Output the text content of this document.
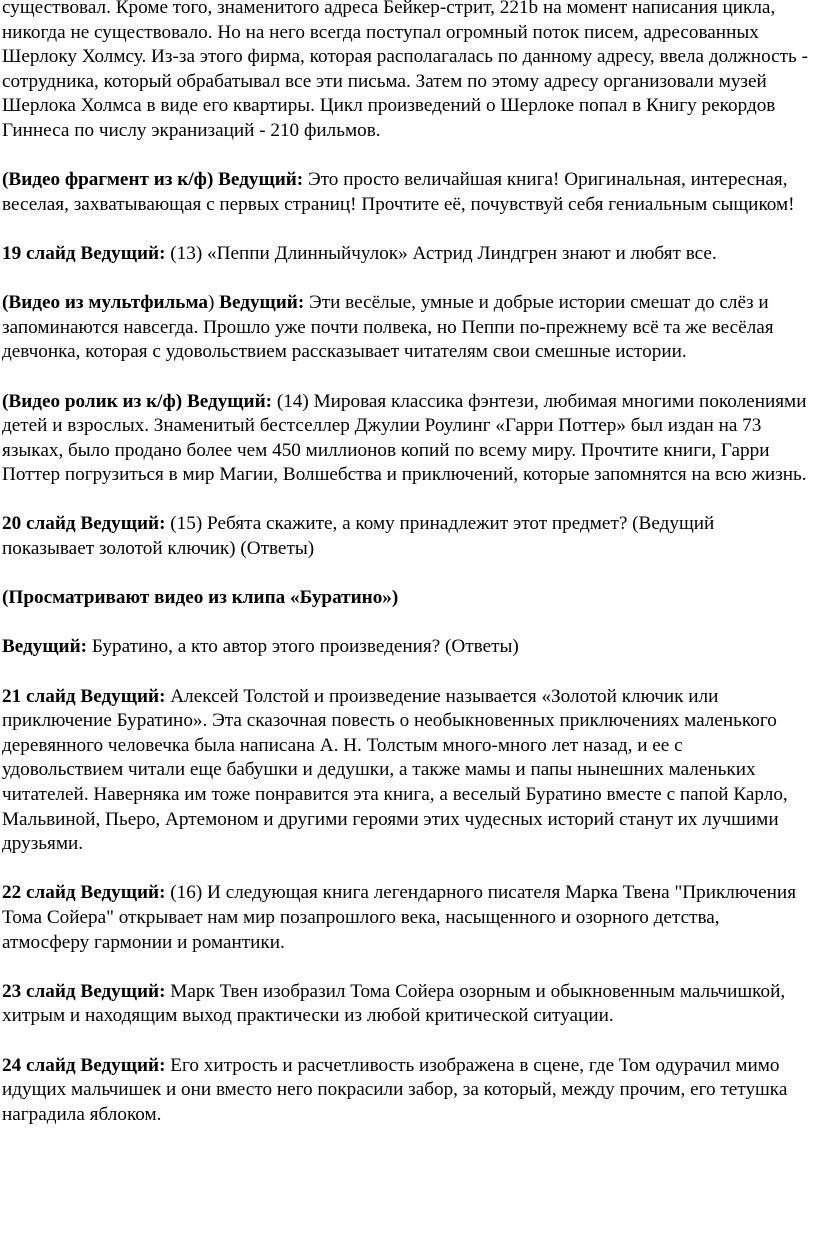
существовал. Кроме того, знаменитого адреса Бейкер-стрит, 221b на момент написания цикла, никогда не существовало. Но на него всегда поступал огромный поток писем, адресованных Шерлоку Холмсу. Из-за этого фирма, которая располагалась по данному адресу, ввела должность - сотрудника, который обрабатывал все эти письма. Затем по этому адресу организовали музей Шерлока Холмса в виде его квартиры. Цикл произведений о Шерлоке попал в Книгу рекордов Гиннеса по числу экранизаций - 210 фильмов.

(Видео фрагмент из к/ф) Ведущий: Это просто величайшая книга! Оригинальная, интересная, веселая, захватывающая с первых страниц! Прочтите её, почувствуй себя гениальным сыщиком!

19 слайд Ведущий: (13) «Пеппи Длинныйчулок» Астрид Линдгрен знают и любят все.

(Видео из мультфильма) Ведущий: Эти весёлые, умные и добрые истории смешат до слёз и запоминаются навсегда. Прошло уже почти полвека, но Пеппи по-прежнему всё та же весёлая девчонка, которая с удовольствием рассказывает читателям свои смешные истории.

(Видео ролик из к/ф) Ведущий: (14) Мировая классика фэнтези, любимая многими поколениями детей и взрослых. Знаменитый бестселлер Джулии Роулинг «Гарри Поттер» был издан на 73 языках, было продано более чем 450 миллионов копий по всему миру. Прочтите книги, Гарри Поттер погрузиться в мир Магии, Волшебства и приключений, которые запомнятся на всю жизнь.

20 слайд Ведущий: (15) Ребята скажите, а кому принадлежит этот предмет? (Ведущий показывает золотой ключик) (Ответы)

(Просматривают видео из клипа «Буратино»)

Ведущий: Буратино, а кто автор этого произведения? (Ответы)

21 слайд Ведущий: Алексей Толстой и произведение называется «Золотой ключик или приключение Буратино». Эта сказочная повесть о необыкновенных приключениях маленького деревянного человечка была написана А. Н. Толстым много-много лет назад, и ее с удовольствием читали еще бабушки и дедушки, а также мамы и папы нынешних маленьких читателей. Наверняка им тоже понравится эта книга, а веселый Буратино вместе с папой Карло, Мальвиной, Пьеро, Артемоном и другими героями этих чудесных историй станут их лучшими друзьями.

22 слайд Ведущий: (16) И следующая книга легендарного писателя Марка Твена "Приключения Тома Сойера" открывает нам мир позапрошлого века, насыщенного и озорного детства, атмосферу гармонии и романтики.

23 слайд Ведущий: Марк Твен изобразил Тома Сойера озорным и обыкновенным мальчишкой, хитрым и находящим выход практически из любой критической ситуации.

24 слайд Ведущий: Его хитрость и расчетливость изображена в сцене, где Том одурачил мимо идущих мальчишек и они вместо него покрасили забор, за который, между прочим, его тетушка наградила яблоком.
